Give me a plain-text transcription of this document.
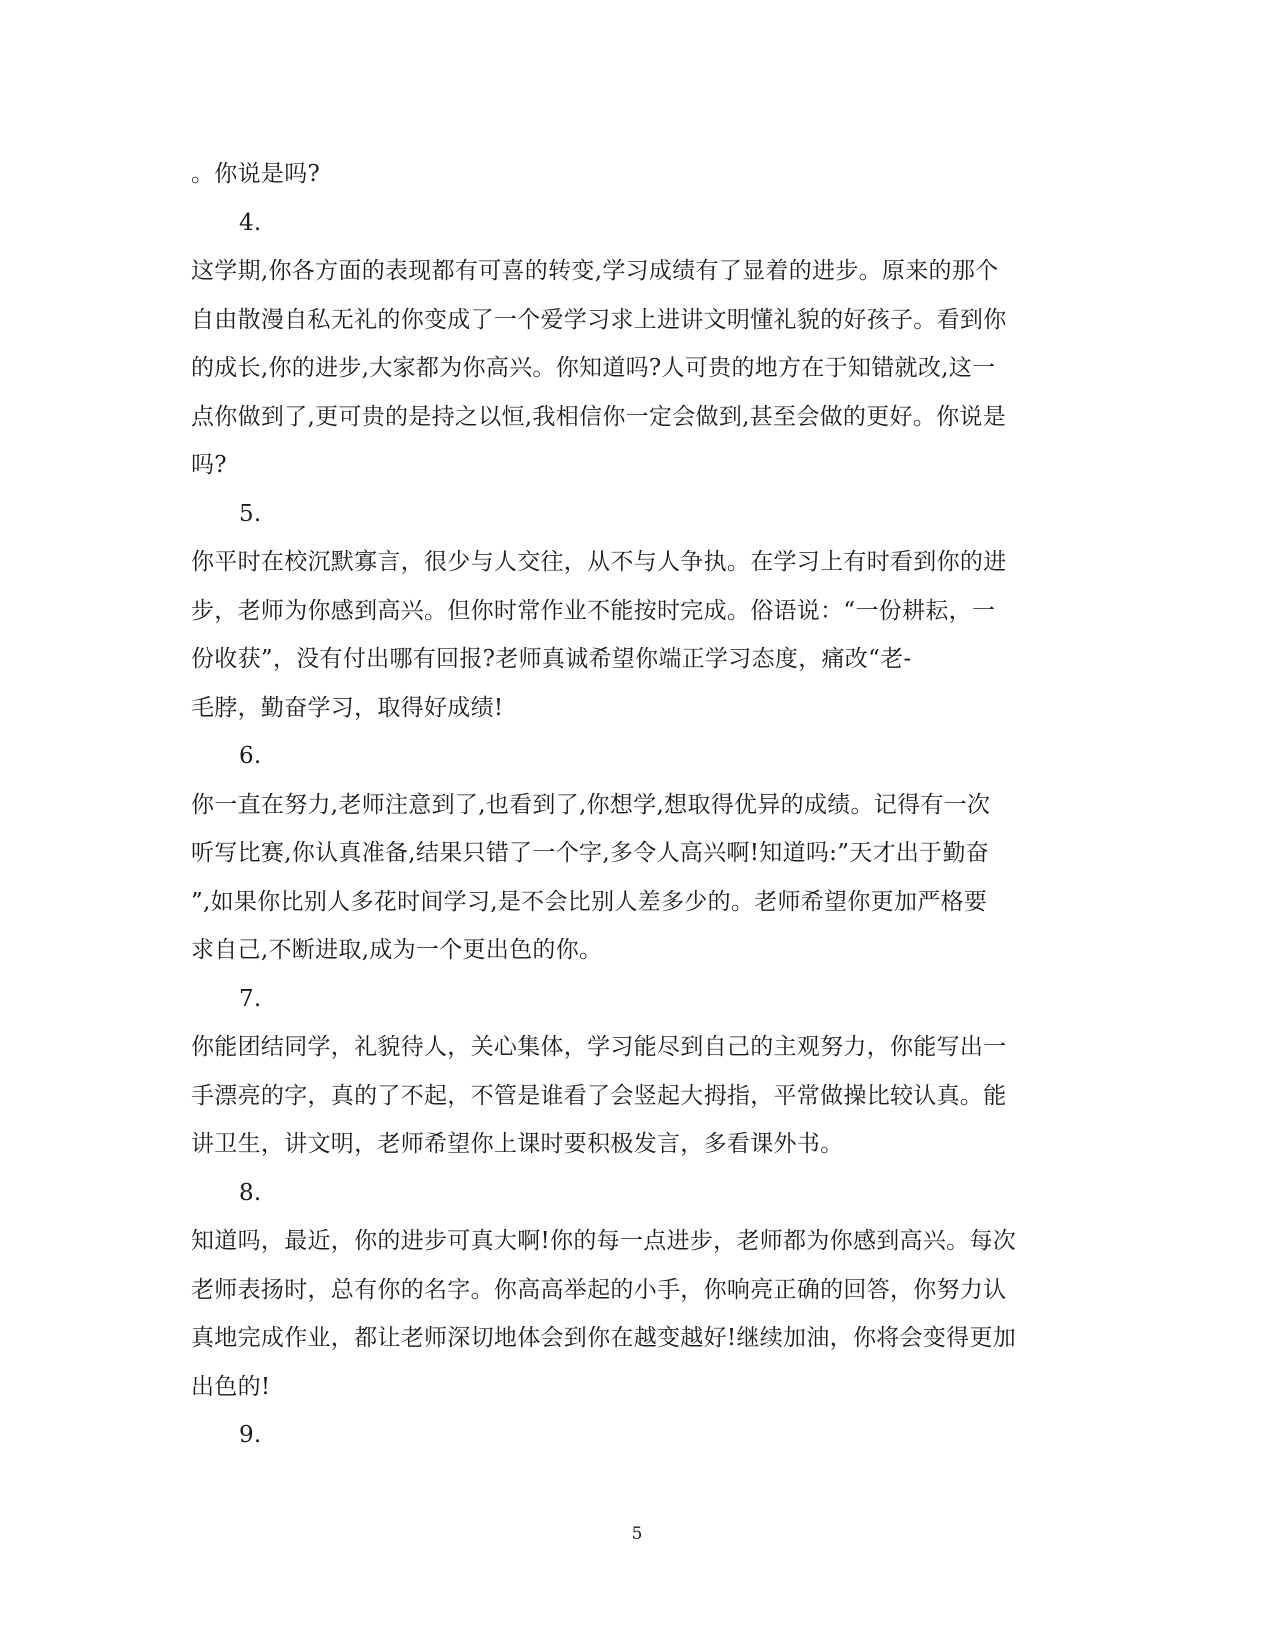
。你说是吗?
4.
这学期,你各方面的表现都有可喜的转变,学习成绩有了显着的进步。原来的那个
自由散漫自私无礼的你变成了一个爱学习求上进讲文明懂礼貌的好孩子。看到你
的成长,你的进步,大家都为你高兴。你知道吗?人可贵的地方在于知错就改,这一
点你做到了,更可贵的是持之以恒,我相信你一定会做到,甚至会做的更好。你说是
吗?
5.
你平时在校沉默寡言，很少与人交往，从不与人争执。在学习上有时看到你的进
步，老师为你感到高兴。但你时常作业不能按时完成。俗语说：“一份耕耘，一
份收获”，没有付出哪有回报?老师真诚希望你端正学习态度，痛改“老-
毛脖，勤奋学习，取得好成绩!
6.
你一直在努力,老师注意到了,也看到了,你想学,想取得优异的成绩。记得有一次
听写比赛,你认真准备,结果只错了一个字,多令人高兴啊!知道吗:”天才出于勤奋
”,如果你比别人多花时间学习,是不会比别人差多少的。老师希望你更加严格要
求自己,不断进取,成为一个更出色的你。
7.
你能团结同学，礼貌待人，关心集体，学习能尽到自己的主观努力，你能写出一
手漂亮的字，真的了不起，不管是谁看了会竖起大拇指，平常做操比较认真。能
讲卫生，讲文明，老师希望你上课时要积极发言，多看课外书。
8.
知道吗，最近，你的进步可真大啊!你的每一点进步，老师都为你感到高兴。每次
老师表扬时，总有你的名字。你高高举起的小手，你响亮正确的回答，你努力认
真地完成作业，都让老师深切地体会到你在越变越好!继续加油，你将会变得更加
出色的!
9.
5
